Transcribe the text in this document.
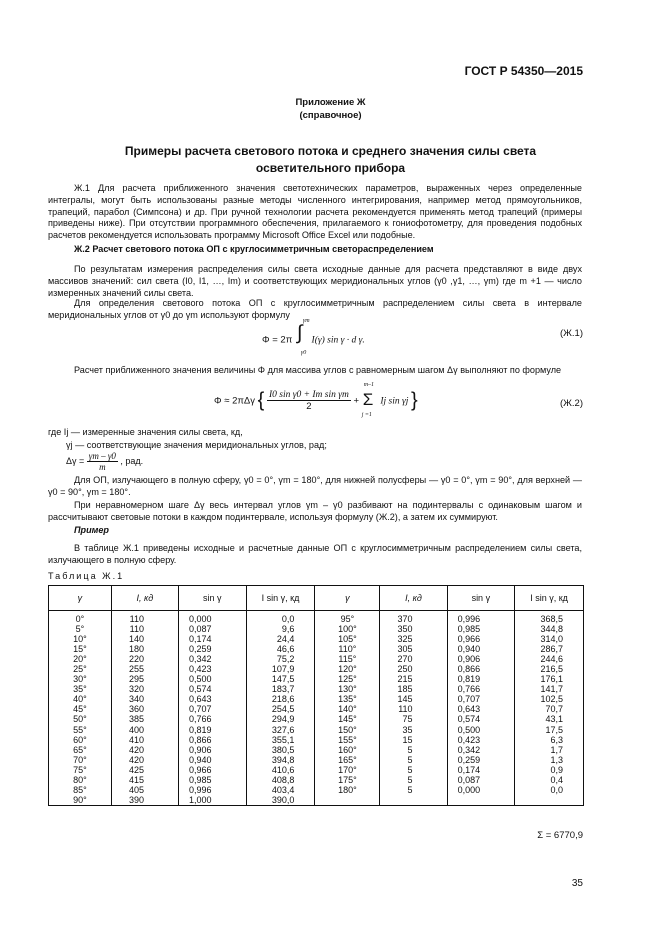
ГОСТ Р 54350—2015
Приложение Ж
(справочное)
Примеры расчета светового потока и среднего значения силы света
осветительного прибора
Ж.1 Для расчета приближенного значения светотехнических параметров, выраженных через определенные интегралы, могут быть использованы разные методы численного интегрирования, например метод прямоугольников, трапеций, парабол (Симпсона) и др. При ручной технологии расчета рекомендуется применять метод трапеций (примеры приведены ниже). При отсутствии программного обеспечения, прилагаемого к гониофотометру, для проведения подобных расчетов рекомендуется использовать программу Microsoft Office Excel или подобные.
Ж.2 Расчет светового потока ОП с круглосимметричным светораспределением
По результатам измерения распределения силы света исходные данные для расчета представляют в виде двух массивов значений: сил света (I0, I1, …, Im) и соответствующих меридиональных углов (γ0 ,γ1, …, γm) где m +1 — число измеренных значений силы света.
Для определения светового потока ОП с круглосимметричным распределением силы света в интервале меридиональных углов от γ0 до γm используют формулу
Φ = 2π ∫
γm
γ0
I(γ) sin γ · d γ.
(Ж.1)
Расчет приближенного значения величины Φ для массива углов с равномерным шагом Δγ выполняют по формуле
Φ ≈ 2πΔγ { $\frac{\text{I0 sin γ0 + Im sin γm}}{2} + \Sigma$
m–1
j =1
Ij sin γj }	(Ж.2)
где Ij — измеренные значения силы света, кд,
γj — соответствующие значения меридиональных углов, рад;
$\Delta\gamma = \frac{\gamma m - \gamma 0}{m}$ , рад.
Для ОП, излучающего в полную сферу, γ0 = 0°, γm = 180°, для нижней полусферы — γ0 = 0°, γm = 90°, для верхней — γ0 = 90°, γm = 180°.
При неравномерном шаге Δγ весь интервал углов γm – γ0 разбивают на подинтервалы с одинаковым шагом и рассчитывают световые потоки в каждом подинтервале, используя формулу (Ж.2), а затем их суммируют.
Пример
В таблице Ж.1 приведены исходные и расчетные данные ОП с круглосимметричным распределением силы света, излучающего в полную сферу.
Таблица Ж.1
γ	I, кд	sin γ	I sin γ, кд	γ	I, кд	sin γ	I sin γ, кд
0°	110	0,000	0,0	95°	370	0,996	368,5
5°	110	0,087	9,6	100°	350	0,985	344,8
10°	140	0,174	24,4	105°	325	0,966	314,0
15°	180	0,259	46,6	110°	305	0,940	286,7
20°	220	0,342	75,2	115°	270	0,906	244,6
25°	255	0,423	107,9	120°	250	0,866	216,5
30°	295	0,500	147,5	125°	215	0,819	176,1
35°	320	0,574	183,7	130°	185	0,766	141,7
40°	340	0,643	218,6	135°	145	0,707	102,5
45°	360	0,707	254,5	140°	110	0,643	70,7
50°	385	0,766	294,9	145°	75	0,574	43,1
55°	400	0,819	327,6	150°	35	0,500	17,5
60°	410	0,866	355,1	155°	15	0,423	6,3
65°	420	0,906	380,5	160°	5	0,342	1,7
70°	420	0,940	394,8	165°	5	0,259	1,3
75°	425	0,966	410,6	170°	5	0,174	0,9
80°	415	0,985	408,8	175°	5	0,087	0,4
85°	405	0,996	403,4	180°	5	0,000	0,0
90°	390	1,000	390,0				
Σ = 6770,9
35
